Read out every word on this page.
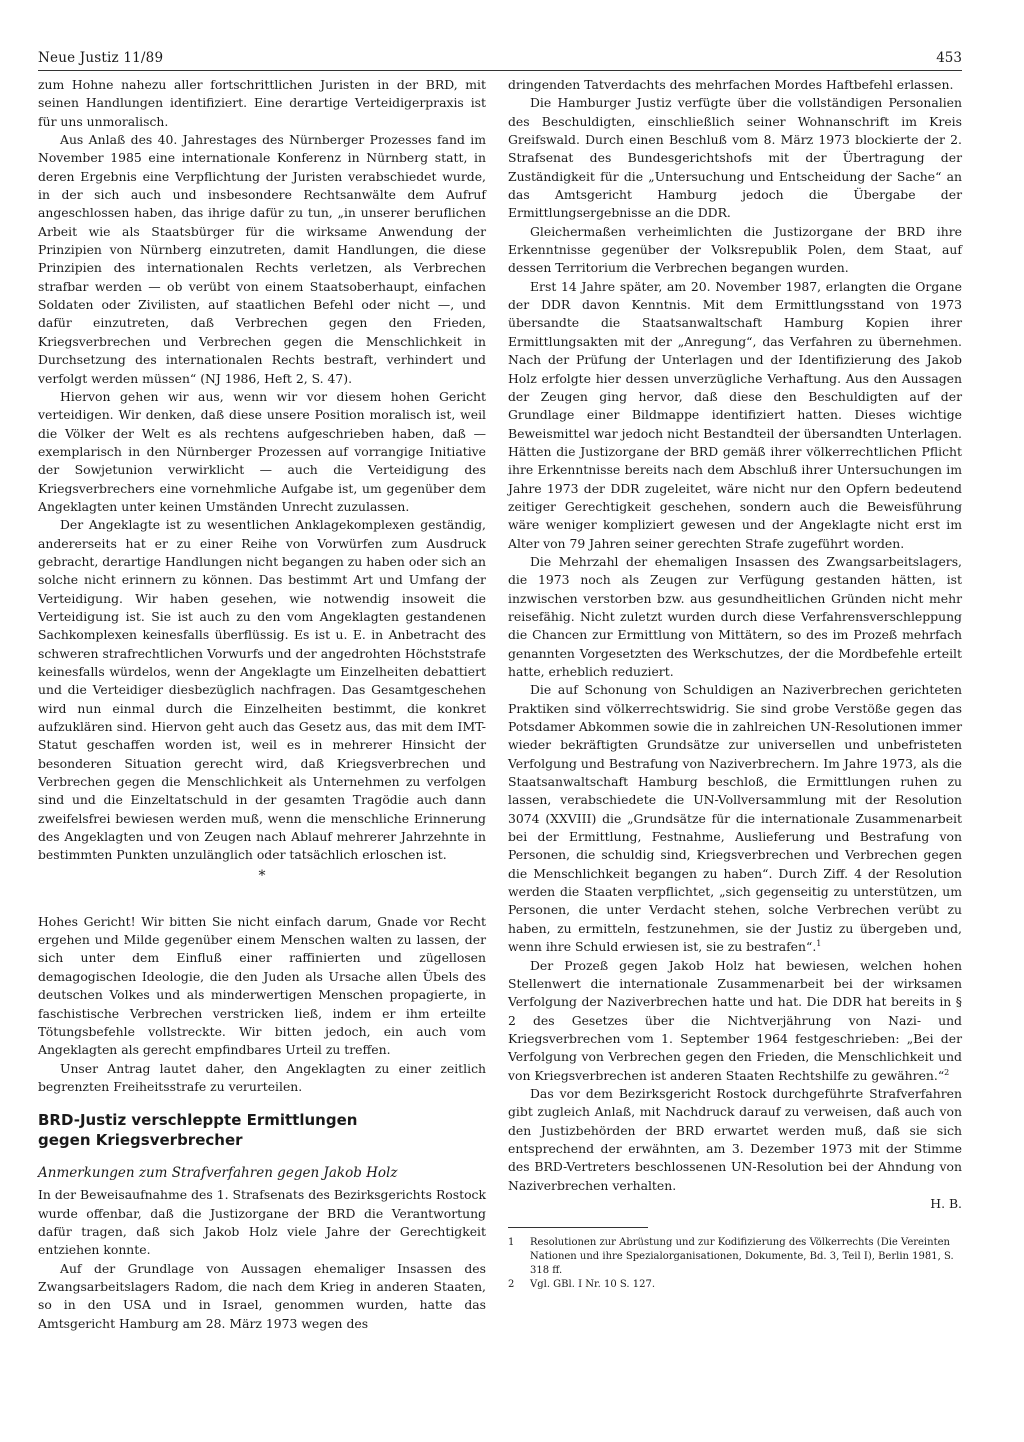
Neue Justiz 11/89	453

zum Hohne nahezu aller fortschrittlichen Juristen in der BRD, mit seinen Handlungen identifiziert. Eine derartige Verteidigerpraxis ist für uns unmoralisch.

Aus Anlaß des 40. Jahrestages des Nürnberger Prozesses fand im November 1985 eine internationale Konferenz in Nürnberg statt, in deren Ergebnis eine Verpflichtung der Juristen verabschiedet wurde, in der sich auch und insbesondere Rechtsanwälte dem Aufruf angeschlossen haben, das ihrige dafür zu tun, „in unserer beruflichen Arbeit wie als Staatsbürger für die wirksame Anwendung der Prinzipien von Nürnberg einzutreten, damit Handlungen, die diese Prinzipien des internationalen Rechts verletzen, als Verbrechen strafbar werden — ob verübt von einem Staatsoberhaupt, einfachen Soldaten oder Zivilisten, auf staatlichen Befehl oder nicht —, und dafür einzutreten, daß Verbrechen gegen den Frieden, Kriegsverbrechen und Verbrechen gegen die Menschlichkeit in Durchsetzung des internationalen Rechts bestraft, verhindert und verfolgt werden müssen“ (NJ 1986, Heft 2, S. 47).

Hiervon gehen wir aus, wenn wir vor diesem hohen Gericht verteidigen. Wir denken, daß diese unsere Position moralisch ist, weil die Völker der Welt es als rechtens aufgeschrieben haben, daß — exemplarisch in den Nürnberger Prozessen auf vorrangige Initiative der Sowjetunion verwirklicht — auch die Verteidigung des Kriegsverbrechers eine vornehmliche Aufgabe ist, um gegenüber dem Angeklagten unter keinen Umständen Unrecht zuzulassen.

Der Angeklagte ist zu wesentlichen Anklagekomplexen geständig, andererseits hat er zu einer Reihe von Vorwürfen zum Ausdruck gebracht, derartige Handlungen nicht begangen zu haben oder sich an solche nicht erinnern zu können. Das bestimmt Art und Umfang der Verteidigung. Wir haben gesehen, wie notwendig insoweit die Verteidigung ist. Sie ist auch zu den vom Angeklagten gestandenen Sachkomplexen keinesfalls überflüssig. Es ist u. E. in Anbetracht des schweren strafrechtlichen Vorwurfs und der angedrohten Höchststrafe keinesfalls würdelos, wenn der Angeklagte um Einzelheiten debattiert und die Verteidiger diesbezüglich nachfragen. Das Gesamtgeschehen wird nun einmal durch die Einzelheiten bestimmt, die konkret aufzuklären sind. Hiervon geht auch das Gesetz aus, das mit dem IMT-Statut geschaffen worden ist, weil es in mehrerer Hinsicht der besonderen Situation gerecht wird, daß Kriegsverbrechen und Verbrechen gegen die Menschlichkeit als Unternehmen zu verfolgen sind und die Einzeltatschuld in der gesamten Tragödie auch dann zweifelsfrei bewiesen werden muß, wenn die menschliche Erinnerung des Angeklagten und von Zeugen nach Ablauf mehrerer Jahrzehnte in bestimmten Punkten unzulänglich oder tatsächlich erloschen ist.

*

Hohes Gericht! Wir bitten Sie nicht einfach darum, Gnade vor Recht ergehen und Milde gegenüber einem Menschen walten zu lassen, der sich unter dem Einfluß einer raffinierten und zügellosen demagogischen Ideologie, die den Juden als Ursache allen Übels des deutschen Volkes und als minderwertigen Menschen propagierte, in faschistische Verbrechen verstricken ließ, indem er ihm erteilte Tötungsbefehle vollstreckte. Wir bitten jedoch, ein auch vom Angeklagten als gerecht empfindbares Urteil zu treffen.

Unser Antrag lautet daher, den Angeklagten zu einer zeitlich begrenzten Freiheitsstrafe zu verurteilen.

BRD-Justiz verschleppte Ermittlungen
gegen Kriegsverbrecher
Anmerkungen zum Strafverfahren gegen Jakob Holz

In der Beweisaufnahme des 1. Strafsenats des Bezirksgerichts Rostock wurde offenbar, daß die Justizorgane der BRD die Verantwortung dafür tragen, daß sich Jakob Holz viele Jahre der Gerechtigkeit entziehen konnte.

Auf der Grundlage von Aussagen ehemaliger Insassen des Zwangsarbeitslagers Radom, die nach dem Krieg in anderen Staaten, so in den USA und in Israel, genommen wurden, hatte das Amtsgericht Hamburg am 28. März 1973 wegen des

dringenden Tatverdachts des mehrfachen Mordes Haftbefehl erlassen.

Die Hamburger Justiz verfügte über die vollständigen Personalien des Beschuldigten, einschließlich seiner Wohnanschrift im Kreis Greifswald. Durch einen Beschluß vom 8. März 1973 blockierte der 2. Strafsenat des Bundesgerichtshofs mit der Übertragung der Zuständigkeit für die „Untersuchung und Entscheidung der Sache“ an das Amtsgericht Hamburg jedoch die Übergabe der Ermittlungsergebnisse an die DDR.

Gleichermaßen verheimlichten die Justizorgane der BRD ihre Erkenntnisse gegenüber der Volksrepublik Polen, dem Staat, auf dessen Territorium die Verbrechen begangen wurden.

Erst 14 Jahre später, am 20. November 1987, erlangten die Organe der DDR davon Kenntnis. Mit dem Ermittlungsstand von 1973 übersandte die Staatsanwaltschaft Hamburg Kopien ihrer Ermittlungsakten mit der „Anregung“, das Verfahren zu übernehmen. Nach der Prüfung der Unterlagen und der Identifizierung des Jakob Holz erfolgte hier dessen unverzügliche Verhaftung. Aus den Aussagen der Zeugen ging hervor, daß diese den Beschuldigten auf der Grundlage einer Bildmappe identifiziert hatten. Dieses wichtige Beweismittel war jedoch nicht Bestandteil der übersandten Unterlagen. Hätten die Justizorgane der BRD gemäß ihrer völkerrechtlichen Pflicht ihre Erkenntnisse bereits nach dem Abschluß ihrer Untersuchungen im Jahre 1973 der DDR zugeleitet, wäre nicht nur den Opfern bedeutend zeitiger Gerechtigkeit geschehen, sondern auch die Beweisführung wäre weniger kompliziert gewesen und der Angeklagte nicht erst im Alter von 79 Jahren seiner gerechten Strafe zugeführt worden.

Die Mehrzahl der ehemaligen Insassen des Zwangsarbeitslagers, die 1973 noch als Zeugen zur Verfügung gestanden hätten, ist inzwischen verstorben bzw. aus gesundheitlichen Gründen nicht mehr reisefähig. Nicht zuletzt wurden durch diese Verfahrensverschleppung die Chancen zur Ermittlung von Mittätern, so des im Prozeß mehrfach genannten Vorgesetzten des Werkschutzes, der die Mordbefehle erteilt hatte, erheblich reduziert.

Die auf Schonung von Schuldigen an Naziverbrechen gerichteten Praktiken sind völkerrechtswidrig. Sie sind grobe Verstöße gegen das Potsdamer Abkommen sowie die in zahlreichen UN-Resolutionen immer wieder bekräftigten Grundsätze zur universellen und unbefristeten Verfolgung und Bestrafung von Naziverbrechern. Im Jahre 1973, als die Staatsanwaltschaft Hamburg beschloß, die Ermittlungen ruhen zu lassen, verabschiedete die UN-Vollversammlung mit der Resolution 3074 (XXVIII) die „Grundsätze für die internationale Zusammenarbeit bei der Ermittlung, Festnahme, Auslieferung und Bestrafung von Personen, die schuldig sind, Kriegsverbrechen und Verbrechen gegen die Menschlichkeit begangen zu haben“. Durch Ziff. 4 der Resolution werden die Staaten verpflichtet, „sich gegenseitig zu unterstützen, um Personen, die unter Verdacht stehen, solche Verbrechen verübt zu haben, zu ermitteln, festzunehmen, sie der Justiz zu übergeben und, wenn ihre Schuld erwiesen ist, sie zu bestrafen“.$^1$

Der Prozeß gegen Jakob Holz hat bewiesen, welchen hohen Stellenwert die internationale Zusammenarbeit bei der wirksamen Verfolgung der Naziverbrechen hatte und hat. Die DDR hat bereits in § 2 des Gesetzes über die Nichtverjährung von Nazi- und Kriegsverbrechen vom 1. September 1964 festgeschrieben: „Bei der Verfolgung von Verbrechen gegen den Frieden, die Menschlichkeit und von Kriegsverbrechen ist anderen Staaten Rechtshilfe zu gewähren.“$^2$

Das vor dem Bezirksgericht Rostock durchgeführte Strafverfahren gibt zugleich Anlaß, mit Nachdruck darauf zu verweisen, daß auch von den Justizbehörden der BRD erwartet werden muß, daß sie sich entsprechend der erwähnten, am 3. Dezember 1973 mit der Stimme des BRD-Vertreters beschlossenen UN-Resolution bei der Ahndung von Naziverbrechen verhalten.

H. B.

1	Resolutionen zur Abrüstung und zur Kodifizierung des Völkerrechts (Die Vereinten Nationen und ihre Spezialorganisationen, Dokumente, Bd. 3, Teil I), Berlin 1981, S. 318 ff.
2	Vgl. GBl. I Nr. 10 S. 127.
